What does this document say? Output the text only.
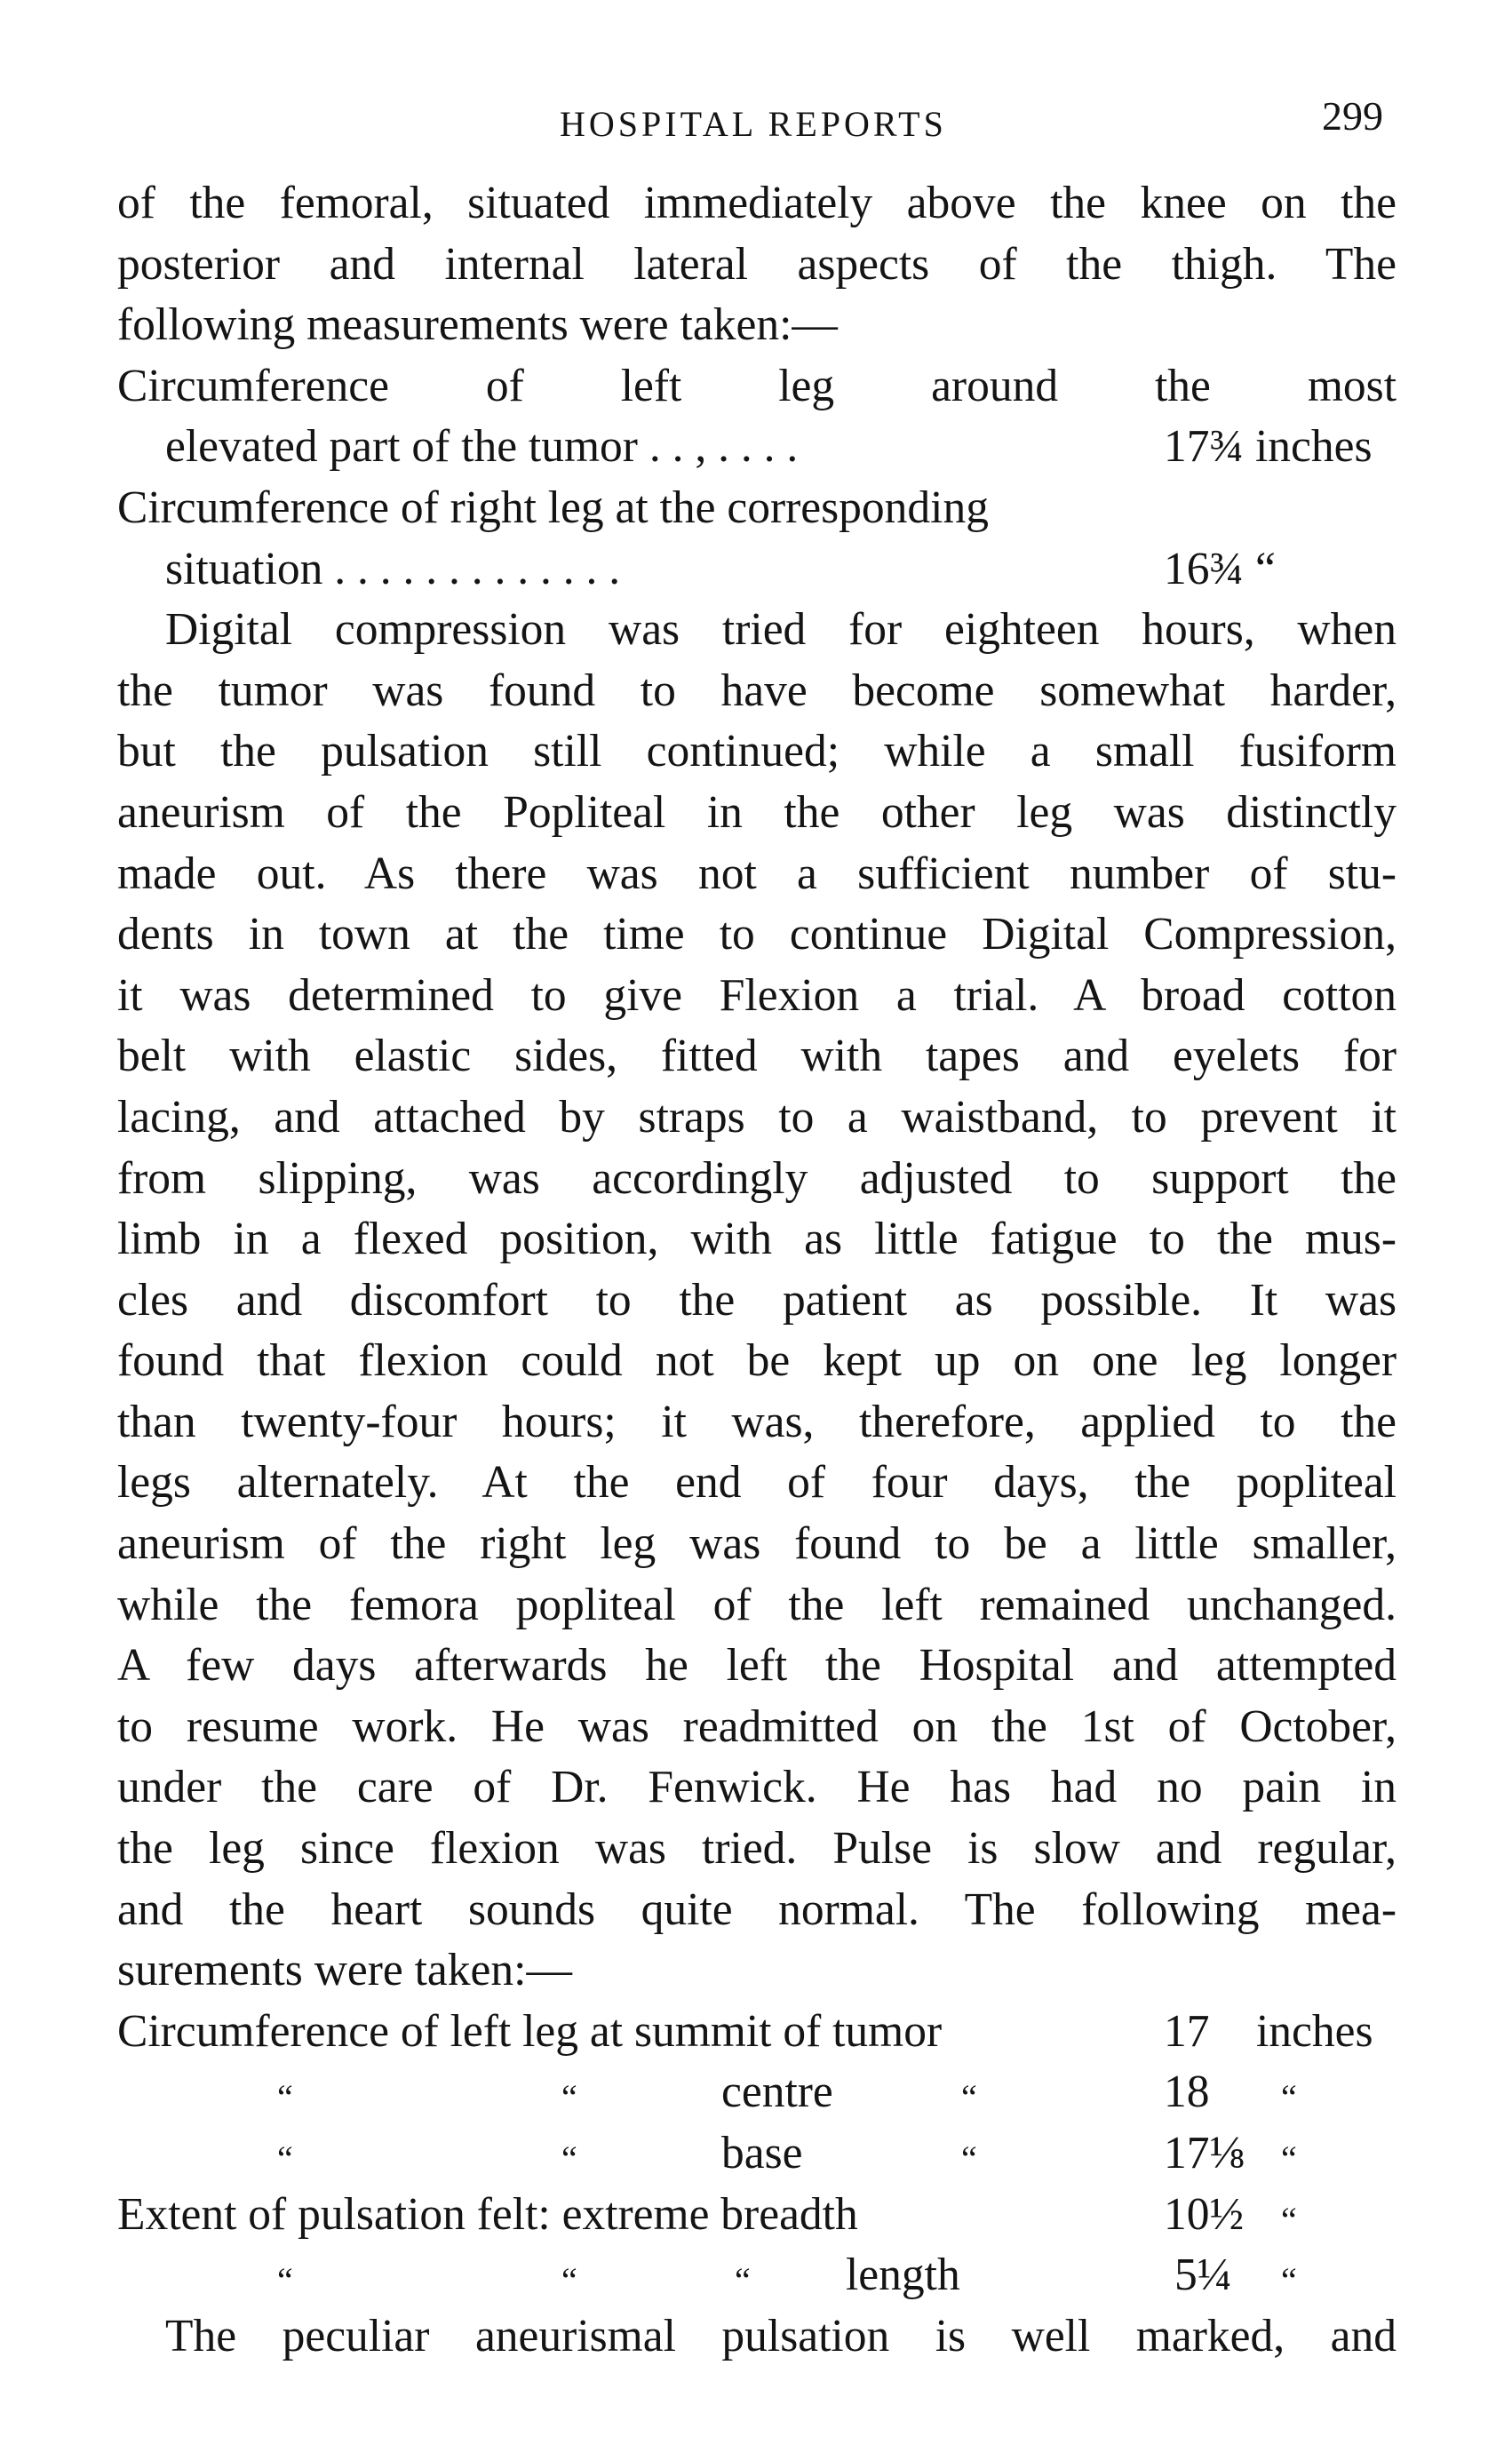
HOSPITAL REPORTS	299
of the femoral, situated immediately above the knee on the
posterior and internal lateral aspects of the thigh. The
following measurements were taken:—
Circumference of left leg around the most
elevated part of the tumor . . , . . . .	17¾ inches
Circumference of right leg at the corresponding
situation . . . . . . . . . . . . .	16¾ “
Digital compression was tried for eighteen hours, when
the tumor was found to have become somewhat harder,
but the pulsation still continued; while a small fusiform
aneurism of the Popliteal in the other leg was distinctly
made out. As there was not a sufficient number of stu-
dents in town at the time to continue Digital Compression,
it was determined to give Flexion a trial. A broad cotton
belt with elastic sides, fitted with tapes and eyelets for
lacing, and attached by straps to a waistband, to prevent it
from slipping, was accordingly adjusted to support the
limb in a flexed position, with as little fatigue to the mus-
cles and discomfort to the patient as possible. It was
found that flexion could not be kept up on one leg longer
than twenty-four hours; it was, therefore, applied to the
legs alternately. At the end of four days, the popliteal
aneurism of the right leg was found to be a little smaller,
while the femora popliteal of the left remained unchanged.
A few days afterwards he left the Hospital and attempted
to resume work. He was readmitted on the 1st of October,
under the care of Dr. Fenwick. He has had no pain in
the leg since flexion was tried. Pulse is slow and regular,
and the heart sounds quite normal. The following mea-
surements were taken:—
Circumference of left leg at summit of tumor	17 inches
“	“	centre	“	18 “
“	“	base	“	17⅛ “
Extent of pulsation felt: extreme breadth	10½ “
“	“	“ length	5¼ “
The peculiar aneurismal pulsation is well marked, and
